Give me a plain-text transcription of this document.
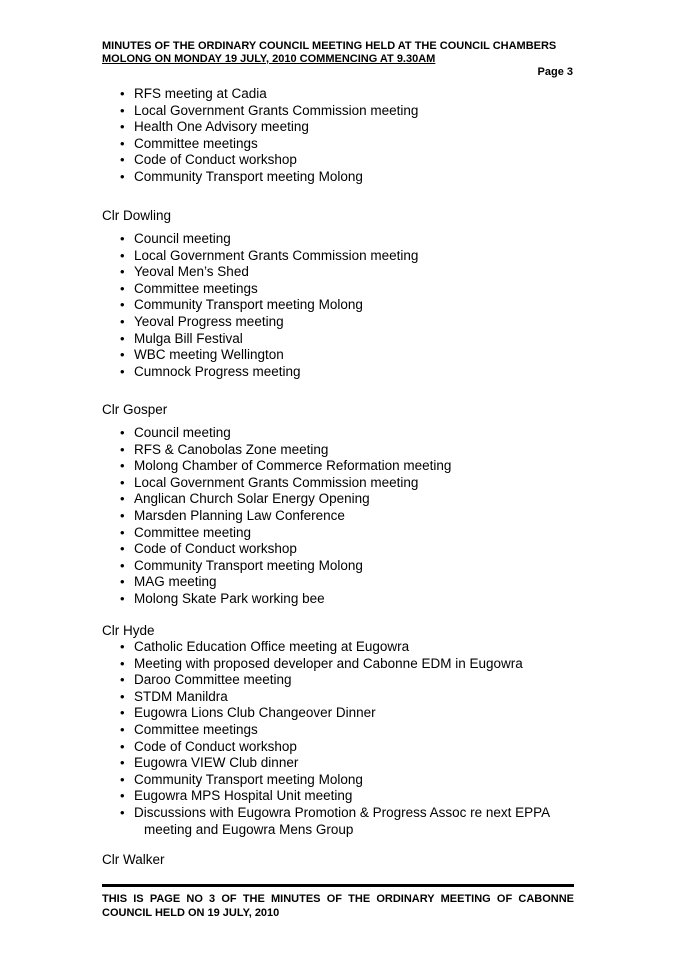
MINUTES OF THE ORDINARY COUNCIL MEETING HELD AT THE COUNCIL CHAMBERS
MOLONG ON MONDAY 19 JULY, 2010 COMMENCING AT 9.30AM
Page 3
• RFS meeting at Cadia
• Local Government Grants Commission meeting
• Health One Advisory meeting
• Committee meetings
• Code of Conduct workshop
• Community Transport meeting Molong
Clr Dowling
• Council meeting
• Local Government Grants Commission meeting
• Yeoval Men’s Shed
• Committee meetings
• Community Transport meeting Molong
• Yeoval Progress meeting
• Mulga Bill Festival
• WBC meeting Wellington
• Cumnock Progress meeting
Clr Gosper
• Council meeting
• RFS & Canobolas Zone meeting
• Molong Chamber of Commerce Reformation meeting
• Local Government Grants Commission meeting
• Anglican Church Solar Energy Opening
• Marsden Planning Law Conference
• Committee meeting
• Code of Conduct workshop
• Community Transport meeting Molong
• MAG meeting
• Molong Skate Park working bee
Clr Hyde
• Catholic Education Office meeting at Eugowra
• Meeting with proposed developer and Cabonne EDM in Eugowra
• Daroo Committee meeting
• STDM Manildra
• Eugowra Lions Club Changeover Dinner
• Committee meetings
• Code of Conduct workshop
• Eugowra VIEW Club dinner
• Community Transport meeting Molong
• Eugowra MPS Hospital Unit meeting
• Discussions with Eugowra Promotion & Progress Assoc re next EPPA
meeting and Eugowra Mens Group
Clr Walker
THIS IS PAGE NO 3 OF THE MINUTES OF THE ORDINARY MEETING OF CABONNE COUNCIL HELD ON 19 JULY, 2010
